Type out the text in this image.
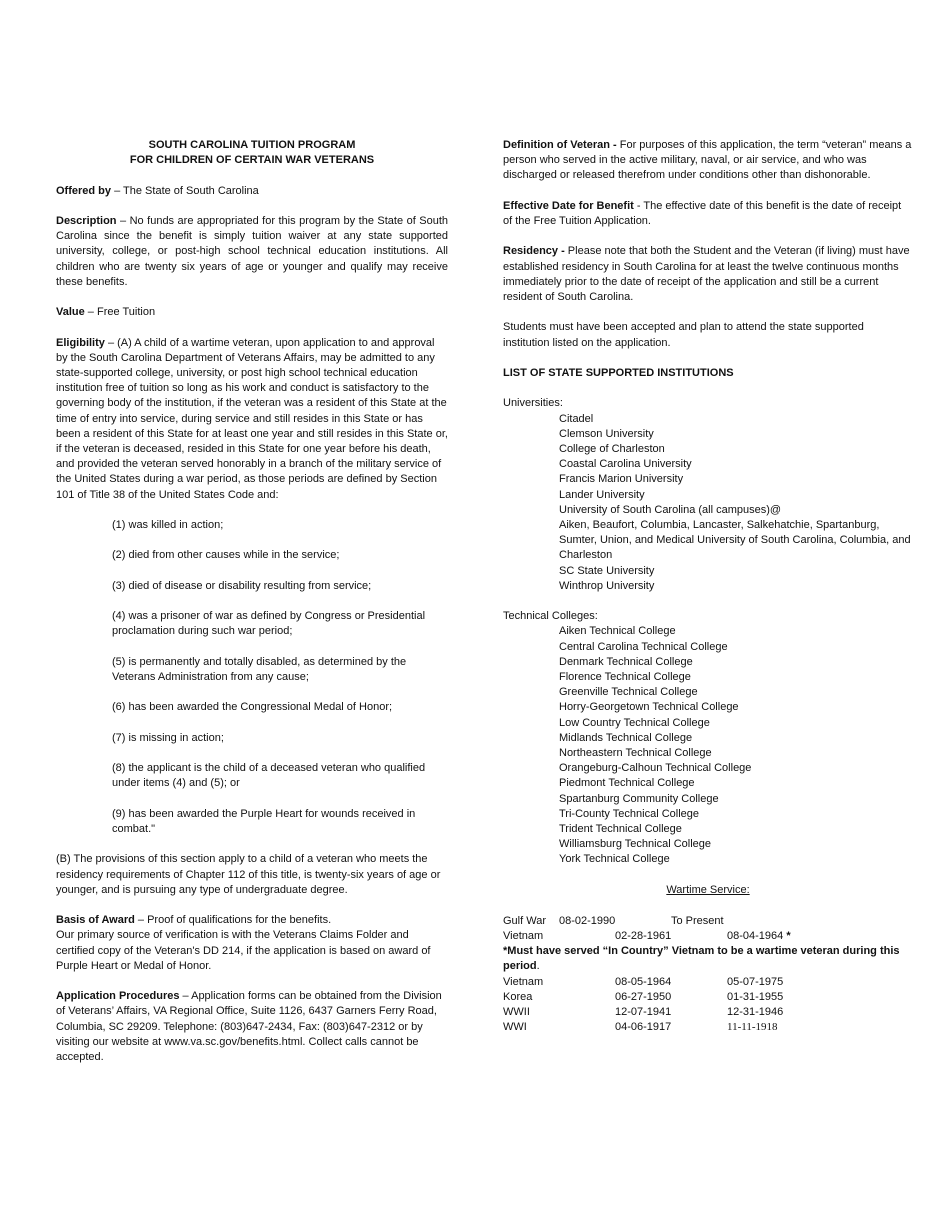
SOUTH CAROLINA TUITION PROGRAM
FOR CHILDREN OF CERTAIN WAR VETERANS

Offered by – The State of South Carolina

Description – No funds are appropriated for this program by the State of South Carolina since the benefit is simply tuition waiver at any state supported university, college, or post-high school technical education institutions. All children who are twenty six years of age or younger and qualify may receive these benefits.

Value – Free Tuition

Eligibility – (A) A child of a wartime veteran, upon application to and approval by the South Carolina Department of Veterans Affairs, may be admitted to any state-supported college, university, or post high school technical education institution free of tuition so long as his work and conduct is satisfactory to the governing body of the institution, if the veteran was a resident of this State at the time of entry into service, during service and still resides in this State or has been a resident of this State for at least one year and still resides in this State or, if the veteran is deceased, resided in this State for one year before his death, and provided the veteran served honorably in a branch of the military service of the United States during a war period, as those periods are defined by Section 101 of Title 38 of the United States Code and:

(1) was killed in action;
(2) died from other causes while in the service;
(3) died of disease or disability resulting from service;
(4) was a prisoner of war as defined by Congress or Presidential proclamation during such war period;
(5) is permanently and totally disabled, as determined by the Veterans Administration from any cause;
(6) has been awarded the Congressional Medal of Honor;
(7) is missing in action;
(8) the applicant is the child of a deceased veteran who qualified under items (4) and (5); or
(9) has been awarded the Purple Heart for wounds received in combat."

(B) The provisions of this section apply to a child of a veteran who meets the residency requirements of Chapter 112 of this title, is twenty-six years of age or younger, and is pursuing any type of undergraduate degree.

Basis of Award – Proof of qualifications for the benefits.
Our primary source of verification is with the Veterans Claims Folder and certified copy of the Veteran's DD 214, if the application is based on award of Purple Heart or Medal of Honor.

Application Procedures – Application forms can be obtained from the Division of Veterans’ Affairs, VA Regional Office, Suite 1126, 6437 Garners Ferry Road, Columbia, SC 29209. Telephone: (803)647-2434, Fax: (803)647-2312 or by visiting our website at www.va.sc.gov/benefits.html. Collect calls cannot be accepted.

Definition of Veteran - For purposes of this application, the term “veteran” means a person who served in the active military, naval, or air service, and who was discharged or released therefrom under conditions other than dishonorable.

Effective Date for Benefit - The effective date of this benefit is the date of receipt of the Free Tuition Application.

Residency - Please note that both the Student and the Veteran (if living) must have established residency in South Carolina for at least the twelve continuous months immediately prior to the date of receipt of the application and still be a current resident of South Carolina.

Students must have been accepted and plan to attend the state supported institution listed on the application.

LIST OF STATE SUPPORTED INSTITUTIONS

Universities:
Citadel
Clemson University
College of Charleston
Coastal Carolina University
Francis Marion University
Lander University
University of South Carolina (all campuses)@
Aiken, Beaufort, Columbia, Lancaster, Salkehatchie, Spartanburg, Sumter, Union, and Medical University of South Carolina, Columbia, and Charleston
SC State University
Winthrop University
Technical Colleges:
Aiken Technical College
Central Carolina Technical College
Denmark Technical College
Florence Technical College
Greenville Technical College
Horry-Georgetown Technical College
Low Country Technical College
Midlands Technical College
Northeastern Technical College
Orangeburg-Calhoun Technical College
Piedmont Technical College
Spartanburg Community College
Tri-County Technical College
Trident Technical College
Williamsburg Technical College
York Technical College
Wartime Service:
Gulf War 08-02-1990	To Present
Vietnam	02-28-1961	08-04-1964 *
*Must have served “In Country” Vietnam to be a wartime veteran during this period.
Vietnam	08-05-1964	05-07-1975
Korea	06-27-1950	01-31-1955
WWII	12-07-1941	12-31-1946
WWI	04-06-1917	11-11-1918
